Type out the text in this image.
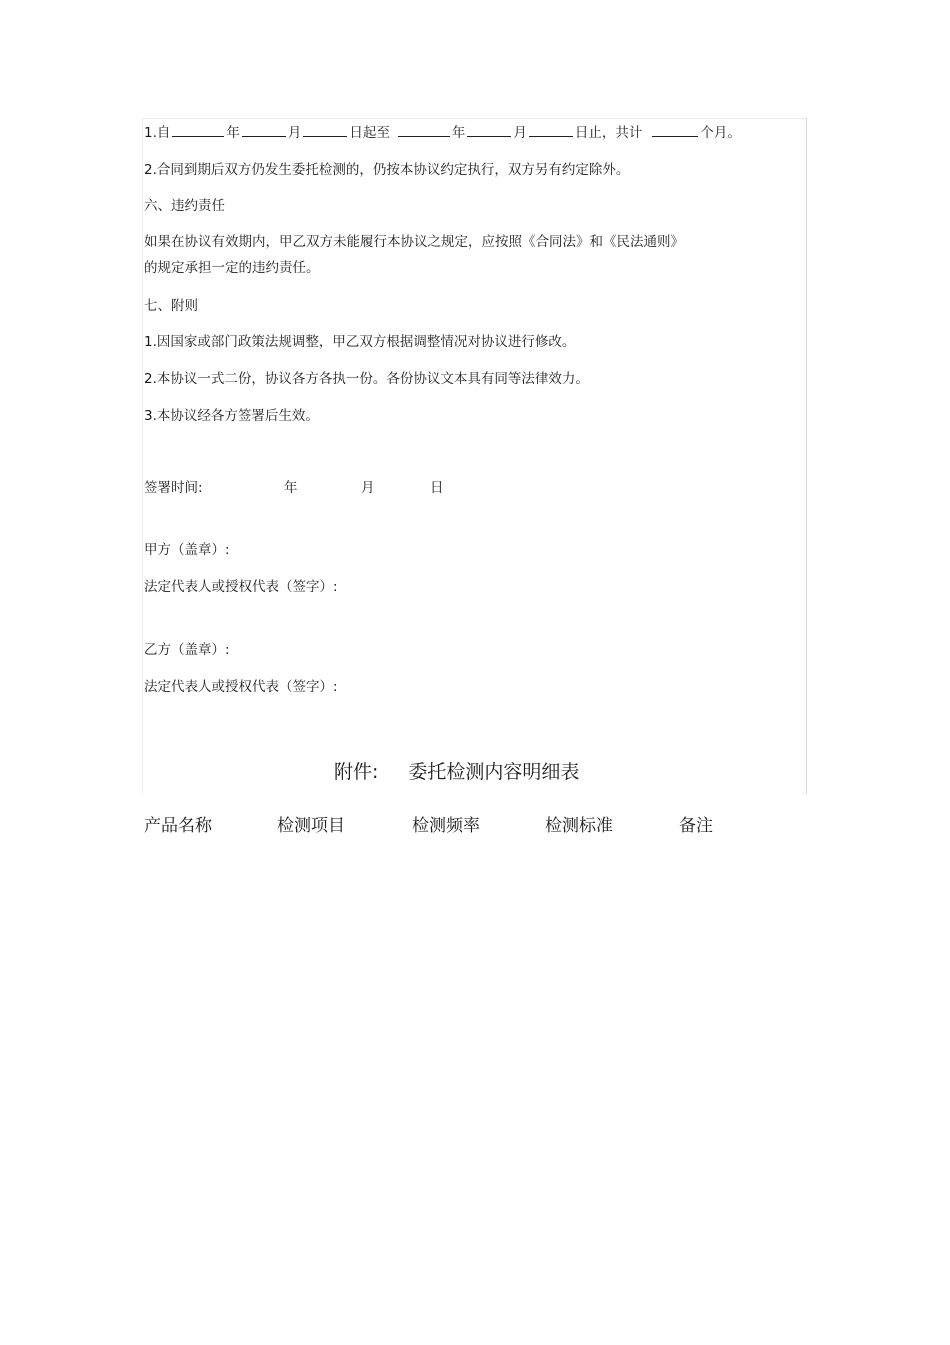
1.自	年	月	日起至	年	月	日止，共计	个月。
2.合同到期后双方仍发生委托检测的，仍按本协议约定执行，双方另有约定除外。
六、违约责任
如果在协议有效期内，甲乙双方未能履行本协议之规定，应按照《合同法》和《民法通则》
的规定承担一定的违约责任。
七、附则
1.因国家或部门政策法规调整，甲乙双方根据调整情况对协议进行修改。
2.本协议一式二份，协议各方各执一份。各份协议文本具有同等法律效力。
3.本协议经各方签署后生效。
签署时间:	年	月	日
甲方（盖章）:
法定代表人或授权代表（签字）:
乙方（盖章）:
法定代表人或授权代表（签字）:
附件: 委托检测内容明细表
产品名称	检测项目	检测频率	检测标准	备注
